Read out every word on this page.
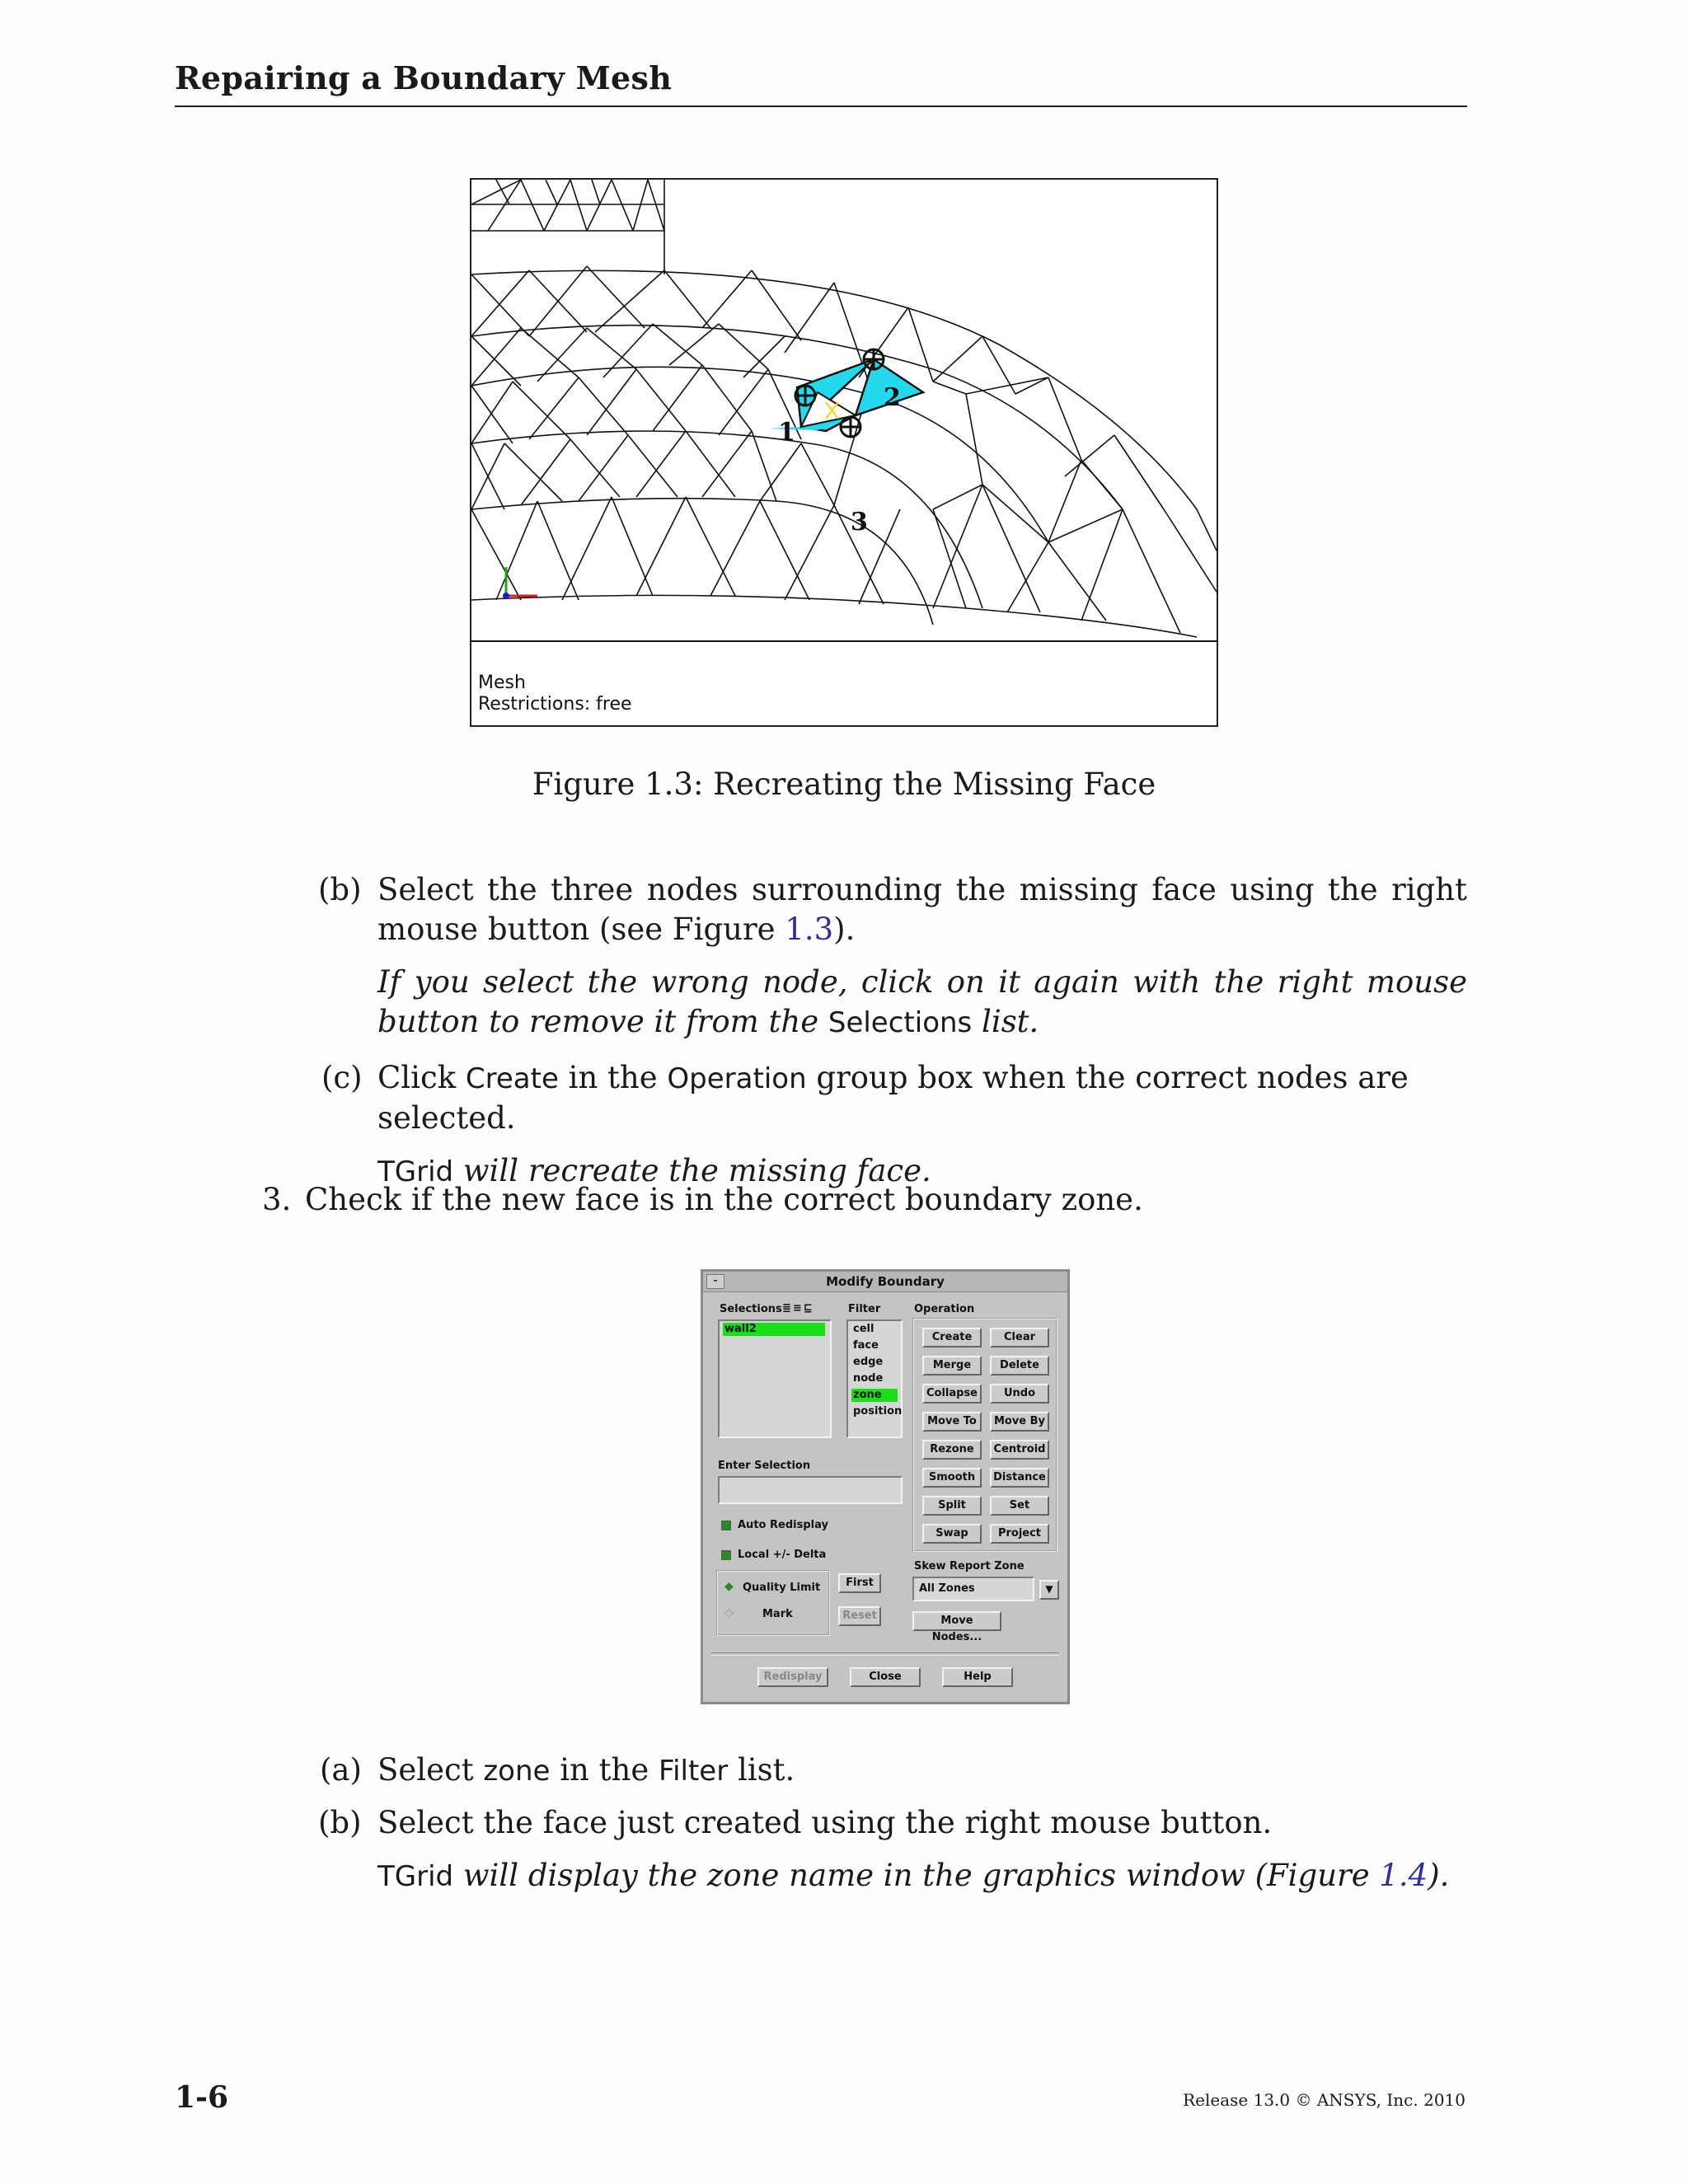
Repairing a Boundary Mesh
1
2
3
Mesh
Restrictions: free
Figure 1.3: Recreating the Missing Face
(b) Select the three nodes surrounding the missing face using the right mouse button (see Figure 1.3).
If you select the wrong node, click on it again with the right mouse button to remove it from the Selections list.
(c) Click Create in the Operation group box when the correct nodes are selected.
TGrid will recreate the missing face.
3. Check if the new face is in the correct boundary zone.
Modify Boundary
–
Selections ≣≡⊑
wall2
Filter
cell
face
edge
node
zone
position
Operation
Create	Clear
Merge	Delete
Collapse	Undo
Move To	Move By
Rezone	Centroid
Smooth	Distance
Split	Set
Swap	Project
Enter Selection
Auto Redisplay
Local +/- Delta
◆ Quality Limit
◇	Mark
First
Reset
Skew Report Zone
All Zones	▼
Move Nodes...
Redisplay	Close	Help
(a) Select zone in the Filter list.
(b) Select the face just created using the right mouse button.
TGrid will display the zone name in the graphics window (Figure 1.4).
1-6	Release 13.0 © ANSYS, Inc. 2010
